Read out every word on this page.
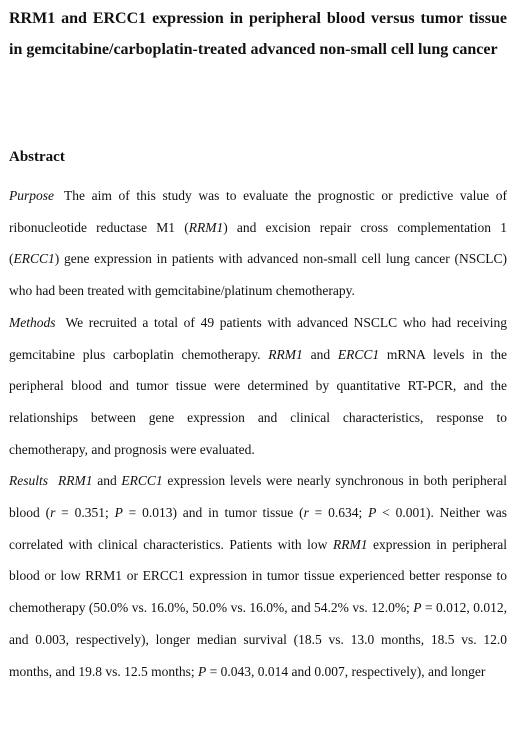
RRM1 and ERCC1 expression in peripheral blood versus tumor tissue in gemcitabine/carboplatin-treated advanced non-small cell lung cancer
Abstract

Purpose The aim of this study was to evaluate the prognostic or predictive value of ribonucleotide reductase M1 (RRM1) and excision repair cross complementation 1 (ERCC1) gene expression in patients with advanced non-small cell lung cancer (NSCLC) who had been treated with gemcitabine/platinum chemotherapy.

Methods We recruited a total of 49 patients with advanced NSCLC who had receiving gemcitabine plus carboplatin chemotherapy. RRM1 and ERCC1 mRNA levels in the peripheral blood and tumor tissue were determined by quantitative RT-PCR, and the relationships between gene expression and clinical characteristics, response to chemotherapy, and prognosis were evaluated.

Results RRM1 and ERCC1 expression levels were nearly synchronous in both peripheral blood (r = 0.351; P = 0.013) and in tumor tissue (r = 0.634; P < 0.001). Neither was correlated with clinical characteristics. Patients with low RRM1 expression in peripheral blood or low RRM1 or ERCC1 expression in tumor tissue experienced better response to chemotherapy (50.0% vs. 16.0%, 50.0% vs. 16.0%, and 54.2% vs. 12.0%; P = 0.012, 0.012, and 0.003, respectively), longer median survival (18.5 vs. 13.0 months, 18.5 vs. 12.0 months, and 19.8 vs. 12.5 months; P = 0.043, 0.014 and 0.007, respectively), and longer
